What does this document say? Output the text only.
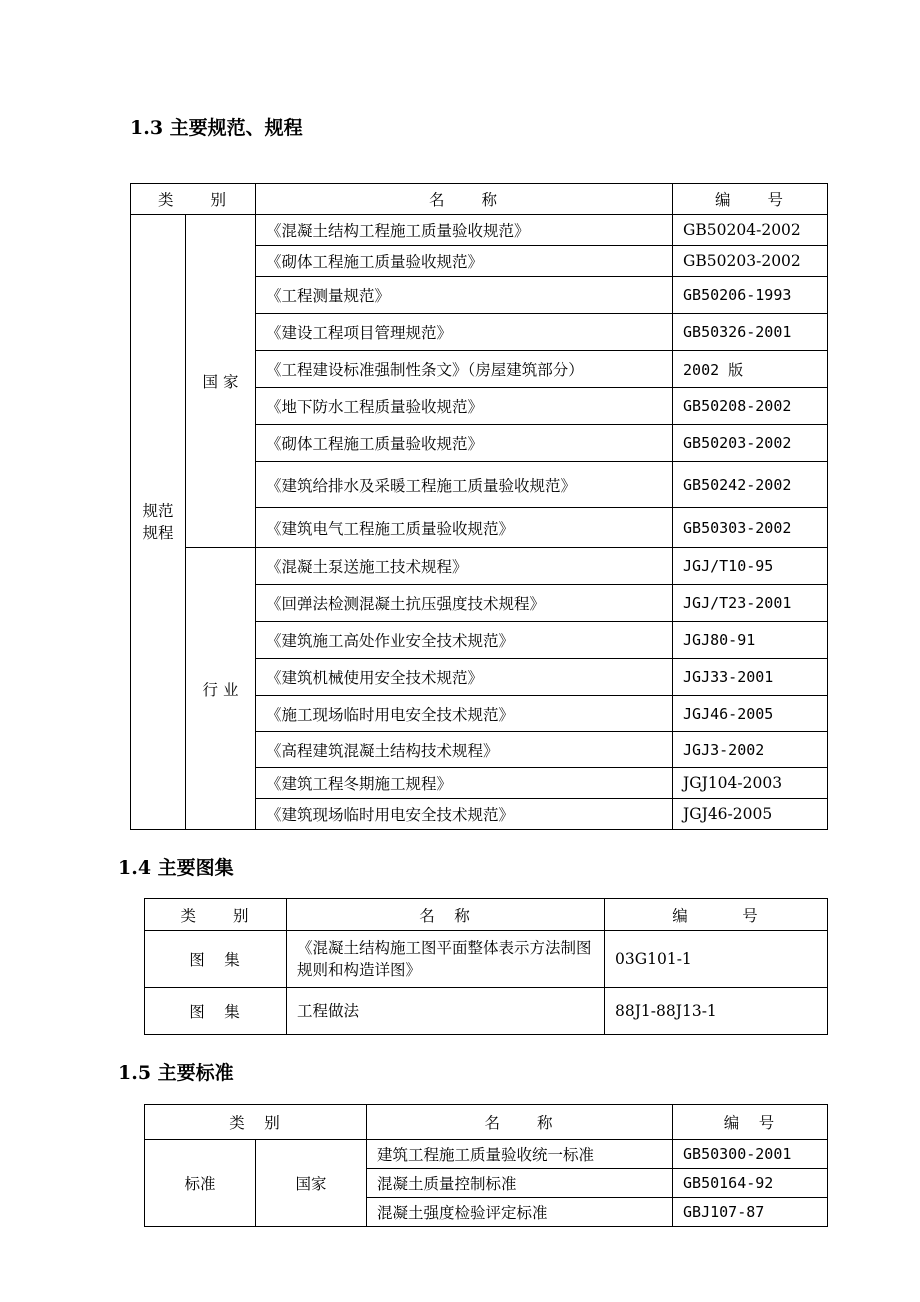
1.3 主要规范、规程
类　　别		名　　称	编　　号
规范规程	国 家	《混凝土结构工程施工质量验收规范》	GB50204-2002
		《砌体工程施工质量验收规范》	GB50203-2002
		《工程测量规范》	GB50206-1993
		《建设工程项目管理规范》	GB50326-2001
		《工程建设标准强制性条文》（房屋建筑部分）	2002 版
		《地下防水工程质量验收规范》	GB50208-2002
		《砌体工程施工质量验收规范》	GB50203-2002
		《建筑给排水及采暖工程施工质量验收规范》	GB50242-2002
		《建筑电气工程施工质量验收规范》	GB50303-2002
	行 业	《混凝土泵送施工技术规程》	JGJ/T10-95
		《回弹法检测混凝土抗压强度技术规程》	JGJ/T23-2001
		《建筑施工高处作业安全技术规范》	JGJ80-91
		《建筑机械使用安全技术规范》	JGJ33-2001
		《施工现场临时用电安全技术规范》	JGJ46-2005
		《高程建筑混凝土结构技术规程》	JGJ3-2002
		《建筑工程冬期施工规程》	JGJ104-2003
		《建筑现场临时用电安全技术规范》	JGJ46-2005
1.4 主要图集
类　　别	名　称	编　　　号
图　集	《混凝土结构施工图平面整体表示方法制图规则和构造详图》	03G101-1
图　集	工程做法	88J1-88J13-1
1.5 主要标准
类　别		名　　称	编　号
标准	国家	建筑工程施工质量验收统一标准	GB50300-2001
		混凝土质量控制标准	GB50164-92
		混凝土强度检验评定标准	GBJ107-87
